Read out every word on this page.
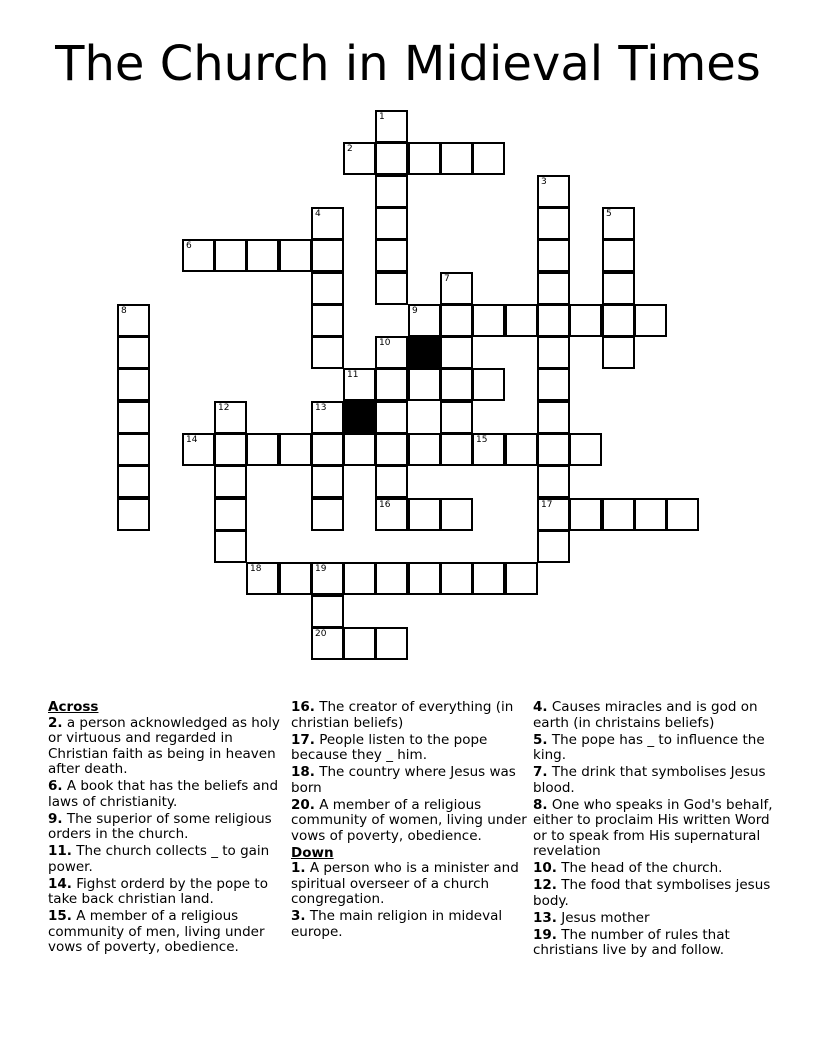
The Church in Midieval Times
1
2
3
17
4	5
6
7
8	9
10
11
12	13
14	15
16
18	19
20
Across
2. a person acknowledged as holy or virtuous and regarded in Christian faith as being in heaven after death.
6. A book that has the beliefs and laws of christianity.
9. The superior of some religious orders in the church.
11. The church collects _ to gain power.
14. Fighst orderd by the pope to take back christian land.
15. A member of a religious community of men, living under vows of poverty, obedience.
16. The creator of everything (in christian beliefs)
17. People listen to the pope because they _ him.
18. The country where Jesus was born
20. A member of a religious community of women, living under vows of poverty, obedience.
Down
1. A person who is a minister and spiritual overseer of a church congregation.
3. The main religion in mideval europe.
4. Causes miracles and is god on earth (in christains beliefs)
5. The pope has _ to influence the king.
7. The drink that symbolises Jesus blood.
8. One who speaks in God's behalf, either to proclaim His written Word or to speak from His supernatural revelation
10. The head of the church.
12. The food that symbolises jesus body.
13. Jesus mother
19. The number of rules that christians live by and follow.
